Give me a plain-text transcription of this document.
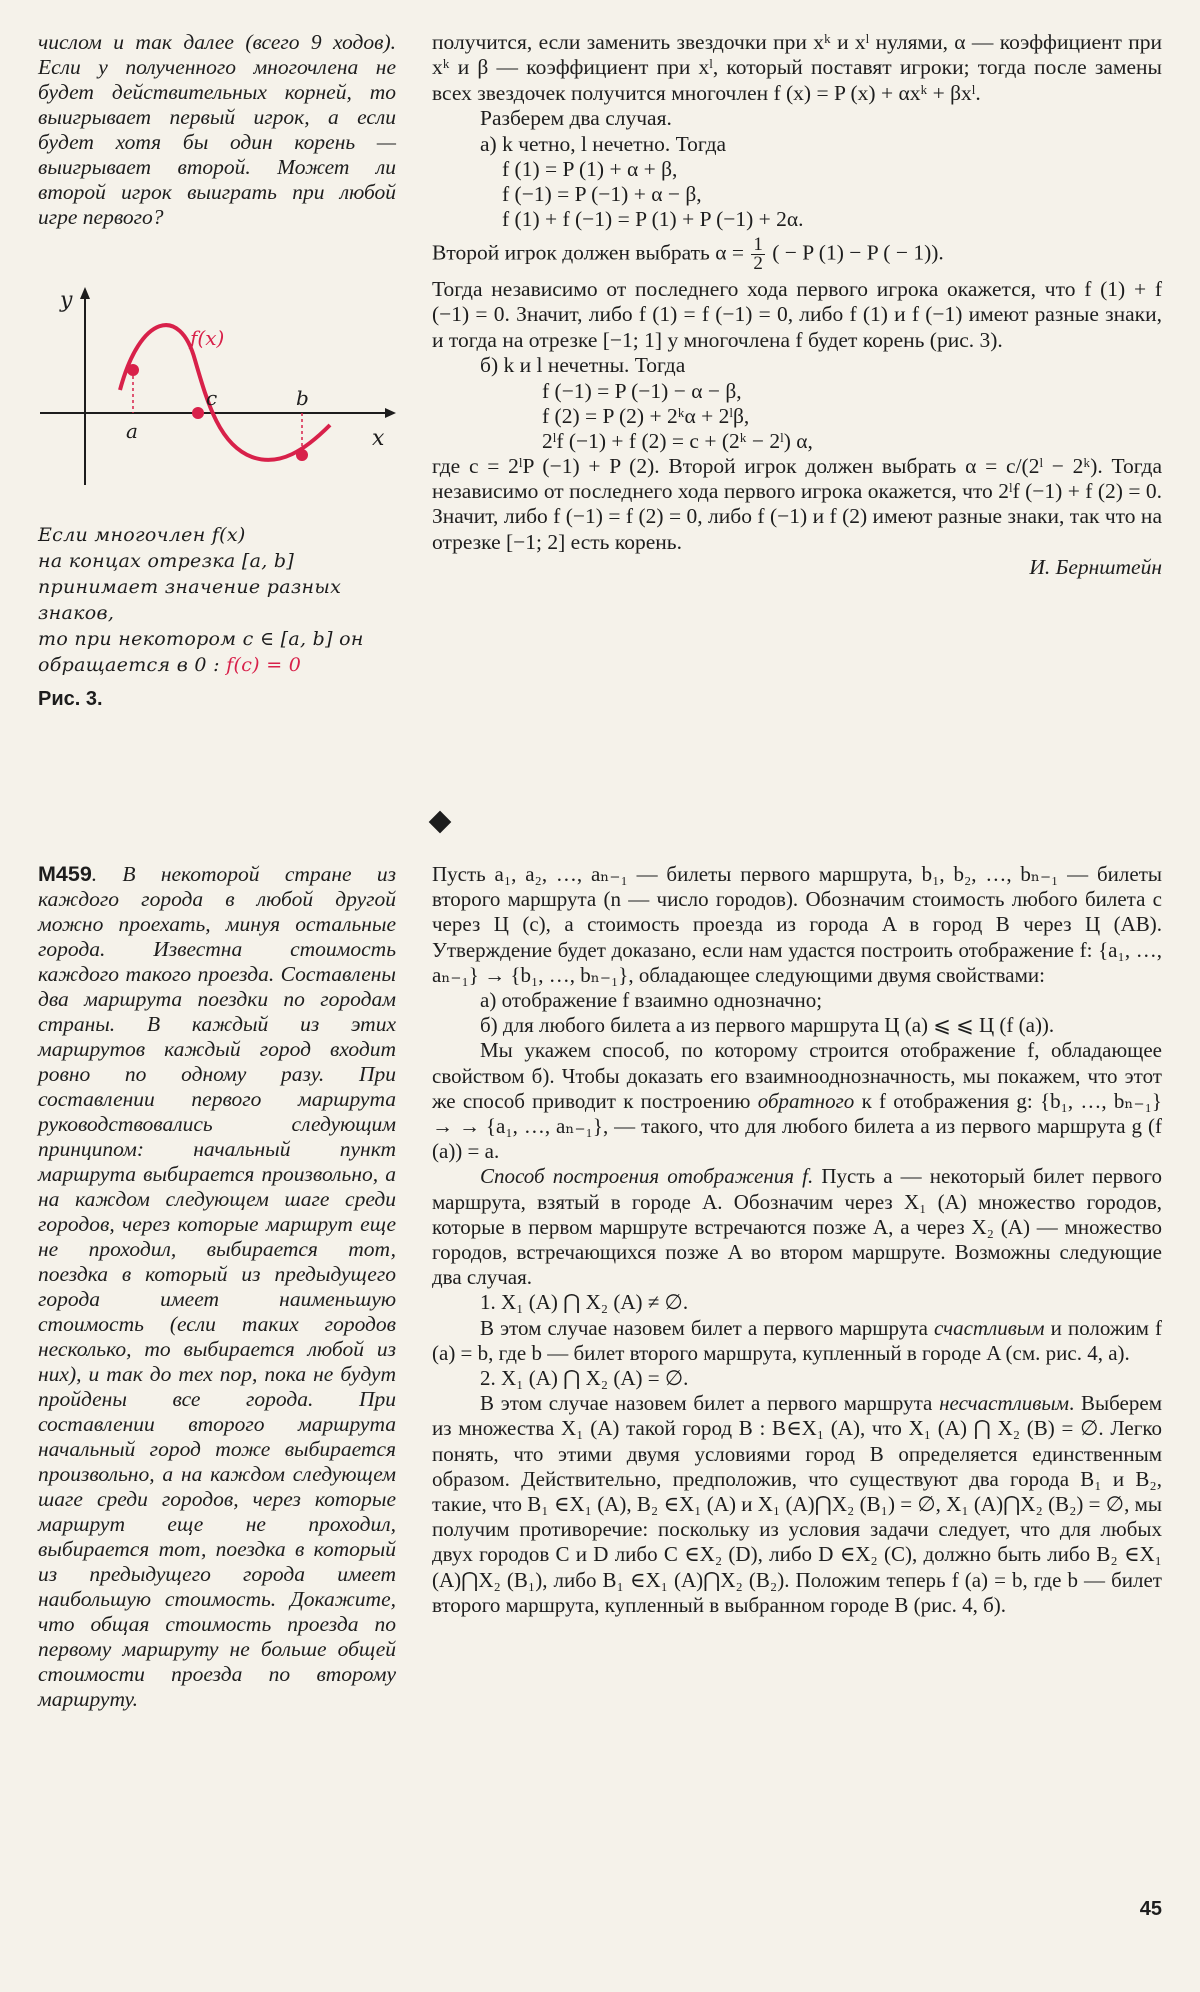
числом и так далее (всего 9 ходов). Если у полученного многочлена не будет действительных корней, то выигрывает первый игрок, а если будет хотя бы один корень — выигрывает второй. Может ли второй игрок выиграть при любой игре первого?
y
x
f(x)
a
c	b
Если многочлен f(x)
на концах отрезка [a, b]
принимает значение разных знаков,
то при некотором c ∈ [a, b] он
обращается в 0 : f(c) = 0
Рис. 3.

получится, если заменить звездочки при xᵏ и xˡ нулями, α — коэффициент при xᵏ и β — коэффициент при xˡ, который поставят игроки; тогда после замены всех звездочек получится многочлен f (x) = P (x) + αxᵏ + βxˡ.

Разберем два случая.

а) k четно, l нечетно. Тогда

f (1) = P (1) + α + β,
f (−1) = P (−1) + α − β,
f (1) + f (−1) = P (1) + P (−1) + 2α.

Второй игрок должен выбрать $\alpha = \frac{1}{2}$ ( − P (1) − P ( − 1)).

Тогда независимо от последнего хода первого игрока окажется, что f (1) + f (−1) = 0. Значит, либо f (1) = f (−1) = 0, либо f (1) и f (−1) имеют разные знаки, и тогда на отрезке [−1; 1] у многочлена f будет корень (рис. 3).

б) k и l нечетны. Тогда

f (−1) = P (−1) − α − β,
f (2) = P (2) + 2ᵏα + 2ˡβ,
2ˡf (−1) + f (2) = c + (2ᵏ − 2ˡ) α,

где c = 2ˡP (−1) + P (2). Второй игрок должен выбрать α = c/(2ˡ − 2ᵏ). Тогда независимо от последнего хода первого игрока окажется, что 2ˡf (−1) + f (2) = 0. Значит, либо f (−1) = f (2) = 0, либо f (−1) и f (2) имеют разные знаки, так что на отрезке [−1; 2] есть корень.

И. Бернштейн

М459. В некоторой стране из каждого города в любой другой можно проехать, минуя остальные города. Известна стоимость каждого такого проезда. Составлены два маршрута поездки по городам страны. В каждый из этих маршрутов каждый город входит ровно по одному разу. При составлении первого маршрута руководствовались следующим принципом: начальный пункт маршрута выбирается произвольно, а на каждом следующем шаге среди городов, через которые маршрут еще не проходил, выбирается тот, поездка в который из предыдущего города имеет наименьшую стоимость (если таких городов несколько, то выбирается любой из них), и так до тех пор, пока не будут пройдены все города. При составлении второго маршрута начальный город тоже выбирается произвольно, а на каждом следующем шаге среди городов, через которые маршрут еще не проходил, выбирается тот, поездка в который из предыдущего города имеет наибольшую стоимость. Докажите, что общая стоимость проезда по первому маршруту не больше общей стоимости проезда по второму маршруту.

Пусть a₁, a₂, …, aₙ₋₁ — билеты первого маршрута, b₁, b₂, …, bₙ₋₁ — билеты второго маршрута (n — число городов). Обозначим стоимость любого билета c через Ц (c), а стоимость проезда из города A в город B через Ц (AB). Утверждение будет доказано, если нам удастся построить отображение f: {a₁, …, aₙ₋₁} → {b₁, …, bₙ₋₁}, обладающее следующими двумя свойствами:

а) отображение f взаимно однозначно;

б) для любого билета a из первого маршрута Ц (a) ⩽ ⩽ Ц (f (a)).

Мы укажем способ, по которому строится отображение f, обладающее свойством б). Чтобы доказать его взаимнооднозначность, мы покажем, что этот же способ приводит к построению обратного к f отображения g: {b₁, …, bₙ₋₁} → → {a₁, …, aₙ₋₁}, — такого, что для любого билета a из первого маршрута g (f (a)) = a.

Способ построения отображения f. Пусть a — некоторый билет первого маршрута, взятый в городе A. Обозначим через X₁ (A) множество городов, которые в первом маршруте встречаются позже A, а через X₂ (A) — множество городов, встречающихся позже A во втором маршруте. Возможны следующие два случая.

1. X₁ (A) ⋂ X₂ (A) ≠ ∅.

В этом случае назовем билет a первого маршрута счастливым и положим f (a) = b, где b — билет второго маршрута, купленный в городе A (см. рис. 4, а).

2. X₁ (A) ⋂ X₂ (A) = ∅.

В этом случае назовем билет a первого маршрута несчастливым. Выберем из множества X₁ (A) такой город B : B∈X₁ (A), что X₁ (A) ⋂ X₂ (B) = ∅. Легко понять, что этими двумя условиями город B определяется единственным образом. Действительно, предположив, что существуют два города B₁ и B₂, такие, что B₁ ∈X₁ (A), B₂ ∈X₁ (A) и X₁ (A)⋂X₂ (B₁) = ∅, X₁ (A)⋂X₂ (B₂) = ∅, мы получим противоречие: поскольку из условия задачи следует, что для любых двух городов C и D либо C ∈X₂ (D), либо D ∈X₂ (C), должно быть либо B₂ ∈X₁ (A)⋂X₂ (B₁), либо B₁ ∈X₁ (A)⋂X₂ (B₂). Положим теперь f (a) = b, где b — билет второго маршрута, купленный в выбранном городе B (рис. 4, б).

45
